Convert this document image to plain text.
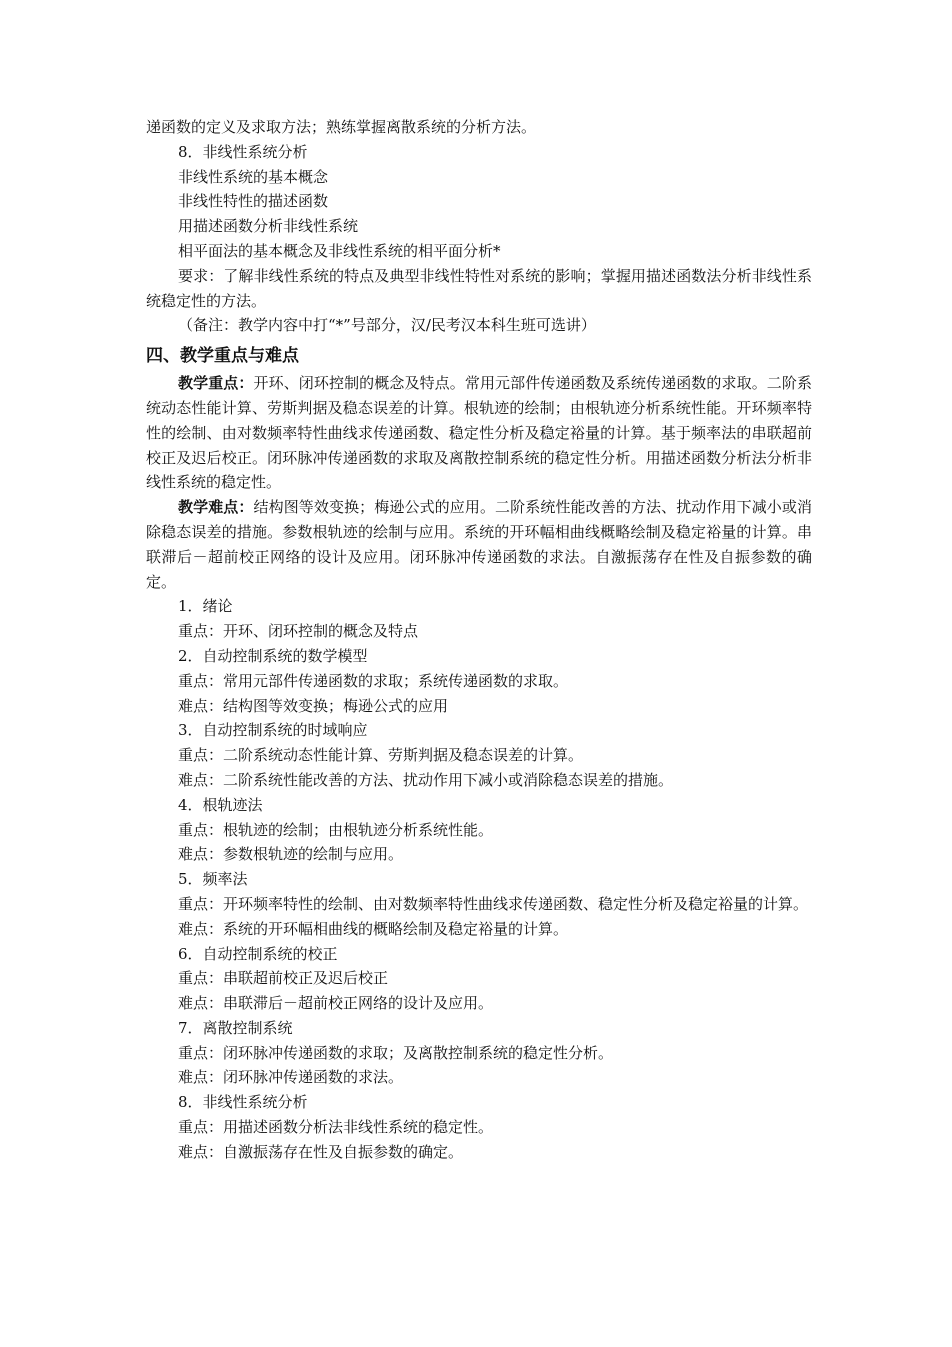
递函数的定义及求取方法；熟练掌握离散系统的分析方法。

8．非线性系统分析

非线性系统的基本概念

非线性特性的描述函数

用描述函数分析非线性系统

相平面法的基本概念及非线性系统的相平面分析*

要求：了解非线性系统的特点及典型非线性特性对系统的影响；掌握用描述函数法分析非线性系统稳定性的方法。

（备注：教学内容中打“*”号部分，汉/民考汉本科生班可选讲）

四、教学重点与难点

教学重点：开环、闭环控制的概念及特点。常用元部件传递函数及系统传递函数的求取。二阶系统动态性能计算、劳斯判据及稳态误差的计算。根轨迹的绘制；由根轨迹分析系统性能。开环频率特性的绘制、由对数频率特性曲线求传递函数、稳定性分析及稳定裕量的计算。基于频率法的串联超前校正及迟后校正。闭环脉冲传递函数的求取及离散控制系统的稳定性分析。用描述函数分析法分析非线性系统的稳定性。

教学难点：结构图等效变换；梅逊公式的应用。二阶系统性能改善的方法、扰动作用下减小或消除稳态误差的措施。参数根轨迹的绘制与应用。系统的开环幅相曲线概略绘制及稳定裕量的计算。串联滞后－超前校正网络的设计及应用。闭环脉冲传递函数的求法。自激振荡存在性及自振参数的确定。

1．绪论

重点：开环、闭环控制的概念及特点

2．自动控制系统的数学模型

重点：常用元部件传递函数的求取；系统传递函数的求取。

难点：结构图等效变换；梅逊公式的应用

3．自动控制系统的时域响应

重点：二阶系统动态性能计算、劳斯判据及稳态误差的计算。

难点：二阶系统性能改善的方法、扰动作用下减小或消除稳态误差的措施。

4．根轨迹法

重点：根轨迹的绘制；由根轨迹分析系统性能。

难点：参数根轨迹的绘制与应用。

5．频率法

重点：开环频率特性的绘制、由对数频率特性曲线求传递函数、稳定性分析及稳定裕量的计算。

难点：系统的开环幅相曲线的概略绘制及稳定裕量的计算。

6．自动控制系统的校正

重点：串联超前校正及迟后校正

难点：串联滞后－超前校正网络的设计及应用。

7．离散控制系统

重点：闭环脉冲传递函数的求取；及离散控制系统的稳定性分析。

难点：闭环脉冲传递函数的求法。

8．非线性系统分析

重点：用描述函数分析法非线性系统的稳定性。

难点：自激振荡存在性及自振参数的确定。
